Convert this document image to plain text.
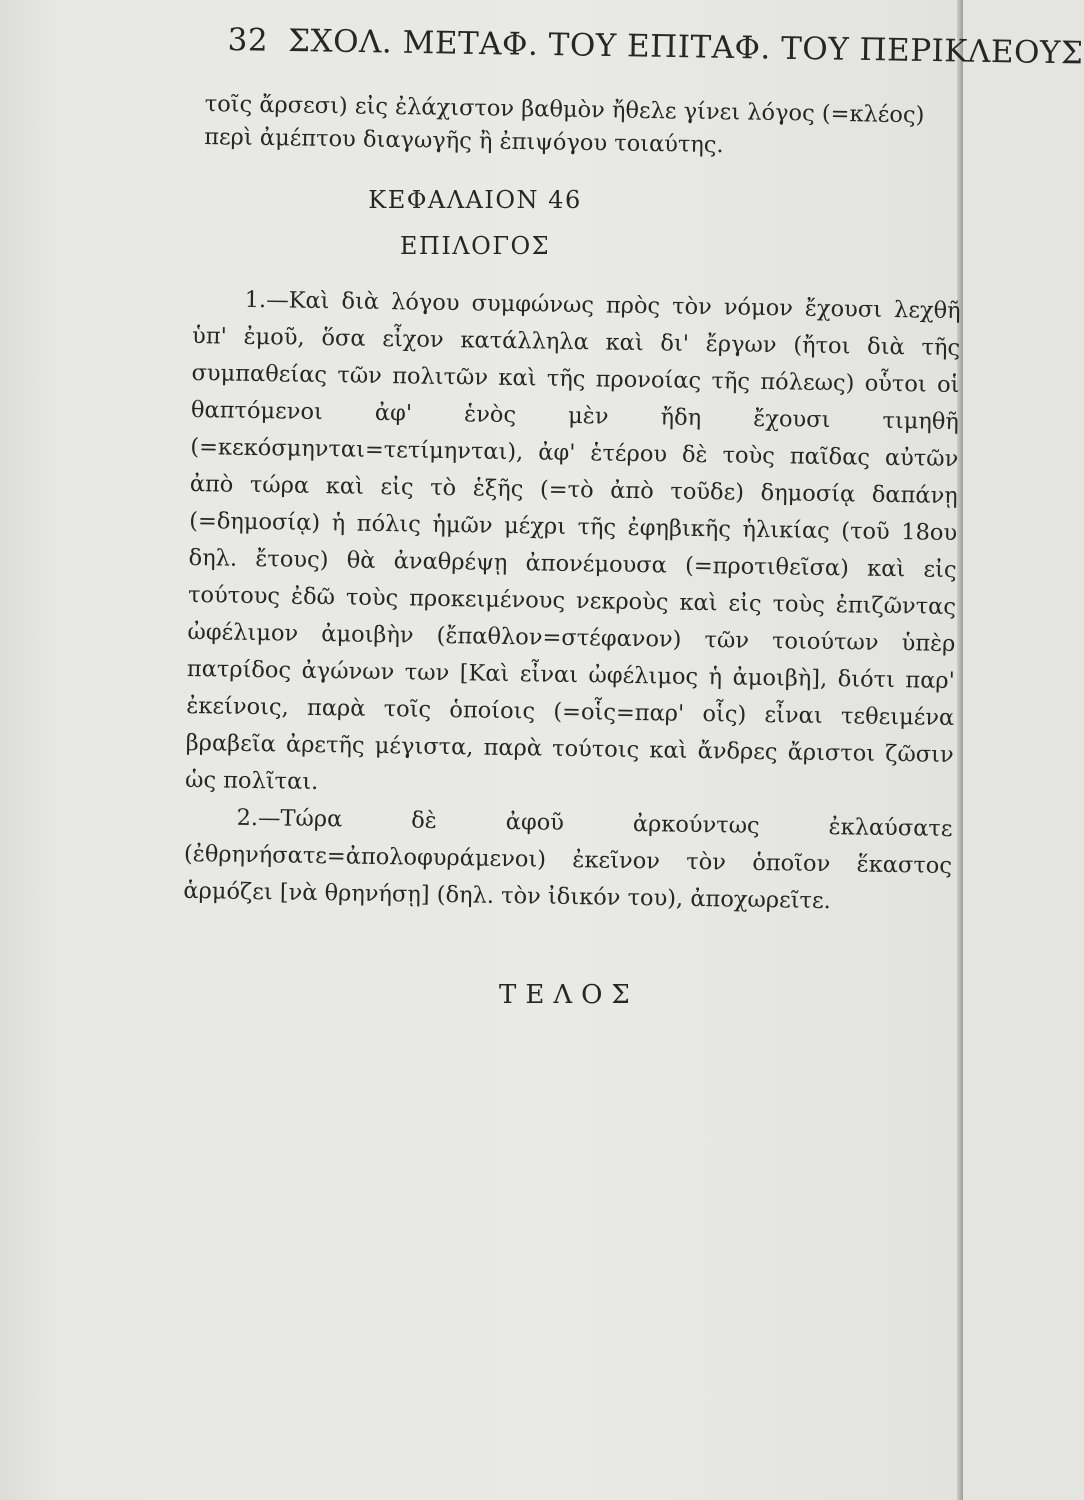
32 ΣΧΟΛ. ΜΕΤΑΦ. ΤΟΥ ΕΠΙΤΑΦ. ΤΟΥ ΠΕΡΙΚΛΕΟΥΣ
τοῖς ἄρσεσι) εἰς ἐλάχιστον βαθμὸν ἤθελε γίνει λόγος (=κλέος) περὶ ἀμέπτου διαγωγῆς ἢ ἐπιψόγου τοιαύτης.
ΚΕΦΑΛΑΙΟΝ 46
ΕΠΙΛΟΓΟΣ

1.—Καὶ διὰ λόγου συμφώνως πρὸς τὸν νόμον ἔχουσι λεχθῆ ὑπ' ἐμοῦ, ὅσα εἶχον κατάλληλα καὶ δι' ἔργων (ἤτοι διὰ τῆς συμπαθείας τῶν πολιτῶν καὶ τῆς προνοίας τῆς πόλεως) οὗτοι οἱ θαπτόμενοι ἀφ' ἑνὸς μὲν ἤδη ἔχουσι τιμηθῆ (=κεκόσμηνται=τετίμηνται), ἀφ' ἑτέρου δὲ τοὺς παῖδας αὐτῶν ἀπὸ τώρα καὶ εἰς τὸ ἑξῆς (=τὸ ἀπὸ τοῦδε) δημοσίᾳ δαπάνῃ (=δημοσίᾳ) ἡ πόλις ἡμῶν μέχρι τῆς ἐφηβικῆς ἡλικίας (τοῦ 18ου δηλ. ἔτους) θὰ ἀναθρέψῃ ἀπονέμουσα (=προτιθεῖσα) καὶ εἰς τούτους ἐδῶ τοὺς προκειμένους νεκροὺς καὶ εἰς τοὺς ἐπιζῶντας ὠφέλιμον ἀμοιβὴν (ἔπαθλον=στέφανον) τῶν τοιούτων ὑπὲρ πατρίδος ἀγώνων των [Καὶ εἶναι ὠφέλιμος ἡ ἀμοιβὴ], διότι παρ' ἐκείνοις, παρὰ τοῖς ὁποίοις (=οἷς=παρ' οἷς) εἶναι τεθειμένα βραβεῖα ἀρετῆς μέγιστα, παρὰ τούτοις καὶ ἄνδρες ἄριστοι ζῶσιν ὡς πολῖται.

2.—Τώρα δὲ ἀφοῦ ἀρκούντως ἐκλαύσατε (ἐθρηνήσατε=ἀπολοφυράμενοι) ἐκεῖνον τὸν ὁποῖον ἕκαστος ἁρμόζει [νὰ θρηνήσῃ] (δηλ. τὸν ἰδικόν του), ἀποχωρεῖτε.

ΤΕΛΟΣ
